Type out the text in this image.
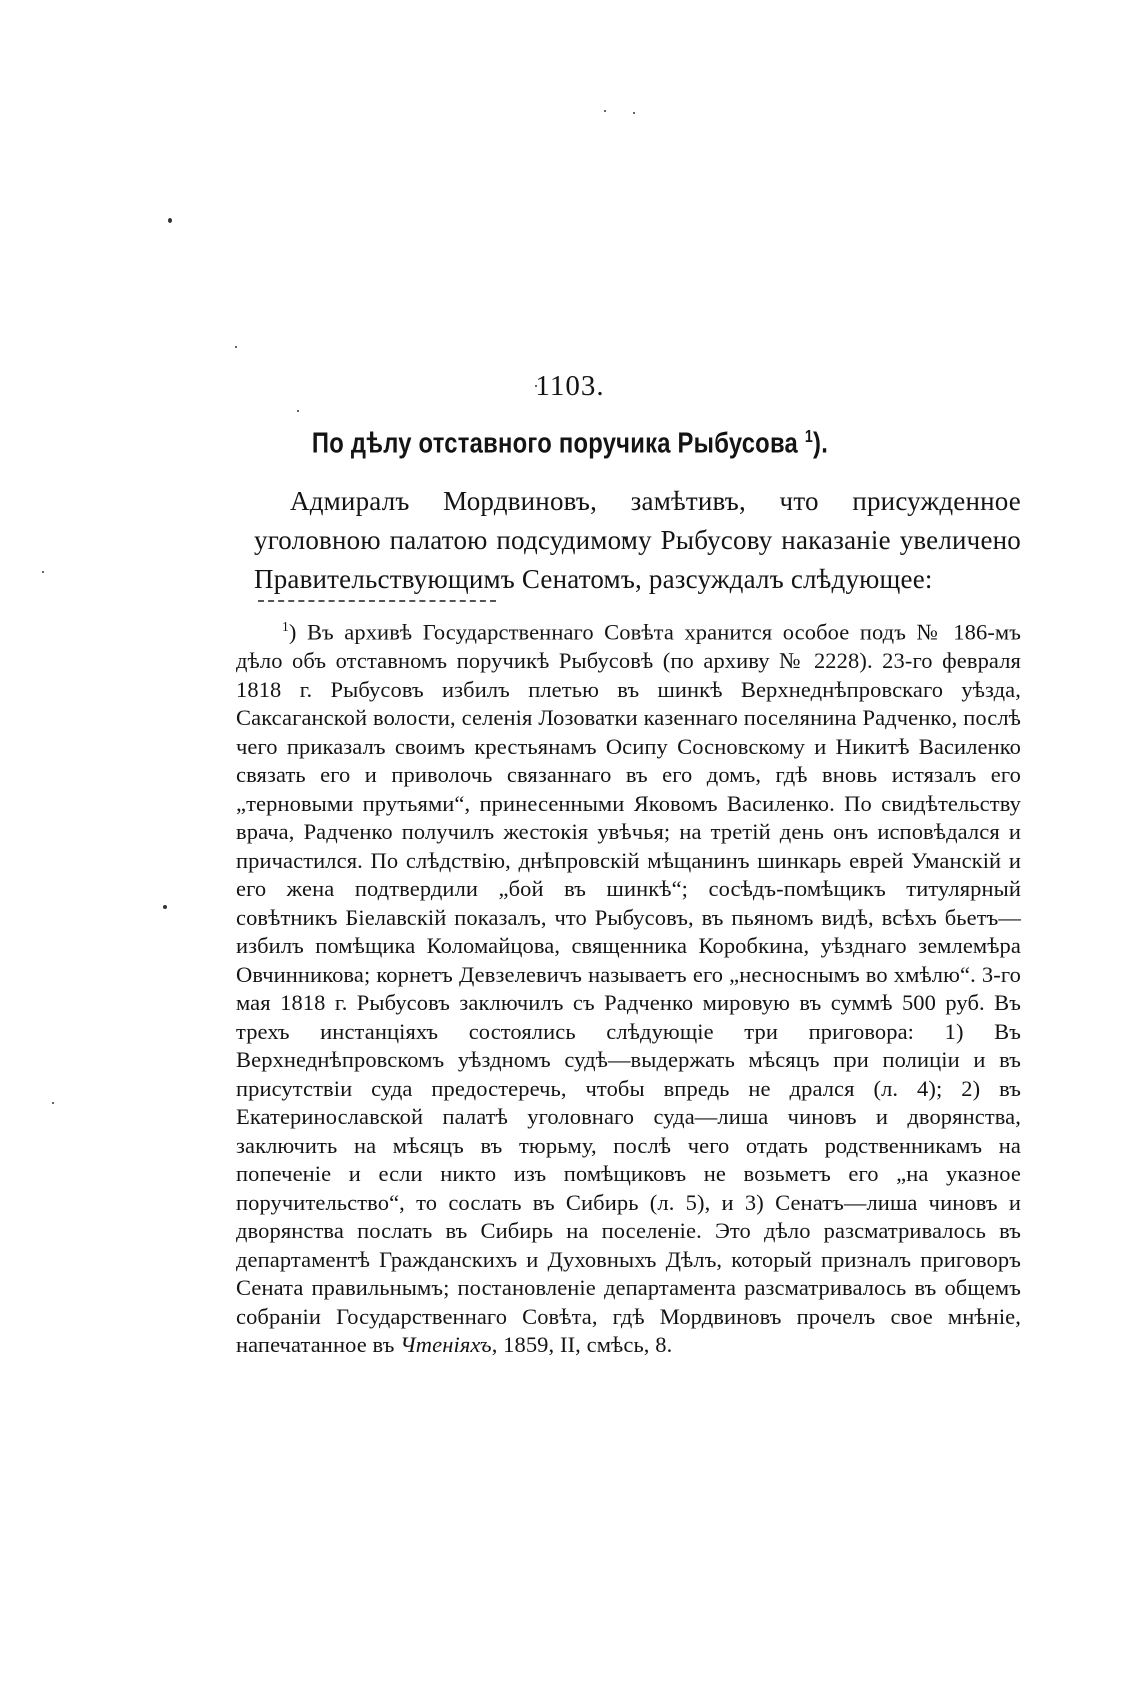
1103.
По дѣлу отставного поручика Рыбусова $^1$).

Адмиралъ Мордвиновъ, замѣтивъ, что присужденное уголовною палатою подсудимому Рыбусову наказаніе увеличено Правительствующимъ Сенатомъ, разсуждалъ слѣдующее:

$^1$) Въ архивѣ Государственнаго Совѣта хранится особое подъ № 186-мъ дѣло объ отставномъ поручикѣ Рыбусовѣ (по архиву № 2228). 23-го февраля 1818 г. Рыбусовъ избилъ плетью въ шинкѣ Верхнеднѣпровскаго уѣзда, Саксаганской волости, селенія Лозоватки казеннаго поселянина Радченко, послѣ чего приказалъ своимъ крестьянамъ Осипу Сосновскому и Никитѣ Василенко связать его и приволочь связаннаго въ его домъ, гдѣ вновь истязалъ его „терновыми прутьями“, принесенными Яковомъ Василенко. По свидѣтельству врача, Радченко получилъ жестокія увѣчья; на третій день онъ исповѣдался и причастился. По слѣдствію, днѣпровскій мѣщанинъ шинкарь еврей Уманскій и его жена подтвердили „бой въ шинкѣ“; сосѣдъ-помѣщикъ титулярный совѣтникъ Біелавскій показалъ, что Рыбусовъ, въ пьяномъ видѣ, всѣхъ бьетъ—избилъ помѣщика Коломайцова, священника Коробкина, уѣзднаго землемѣра Овчинникова; корнетъ Девзелевичъ называетъ его „несноснымъ во хмѣлю“. 3-го мая 1818 г. Рыбусовъ заключилъ съ Радченко мировую въ суммѣ 500 руб. Въ трехъ инстанціяхъ состоялись слѣдующіе три приговора: 1) Въ Верхнеднѣпровскомъ уѣздномъ судѣ—выдержать мѣсяцъ при полиціи и въ присутствіи суда предостеречь, чтобы впредь не дрался (л. 4); 2) въ Екатеринославской палатѣ уголовнаго суда—лиша чиновъ и дворянства, заключить на мѣсяцъ въ тюрьму, послѣ чего отдать родственникамъ на попеченіе и если никто изъ помѣщиковъ не возьметъ его „на указное поручительство“, то сослать въ Сибирь (л. 5), и 3) Сенатъ—лиша чиновъ и дворянства послать въ Сибирь на поселеніе. Это дѣло разсматривалось въ департаментѣ Гражданскихъ и Духовныхъ Дѣлъ, который призналъ приговоръ Сената правильнымъ; постановленіе департамента разсматривалось въ общемъ собраніи Государственнаго Совѣта, гдѣ Мордвиновъ прочелъ свое мнѣніе, напечатанное въ Чтеніяхъ, 1859, II, смѣсь, 8.
